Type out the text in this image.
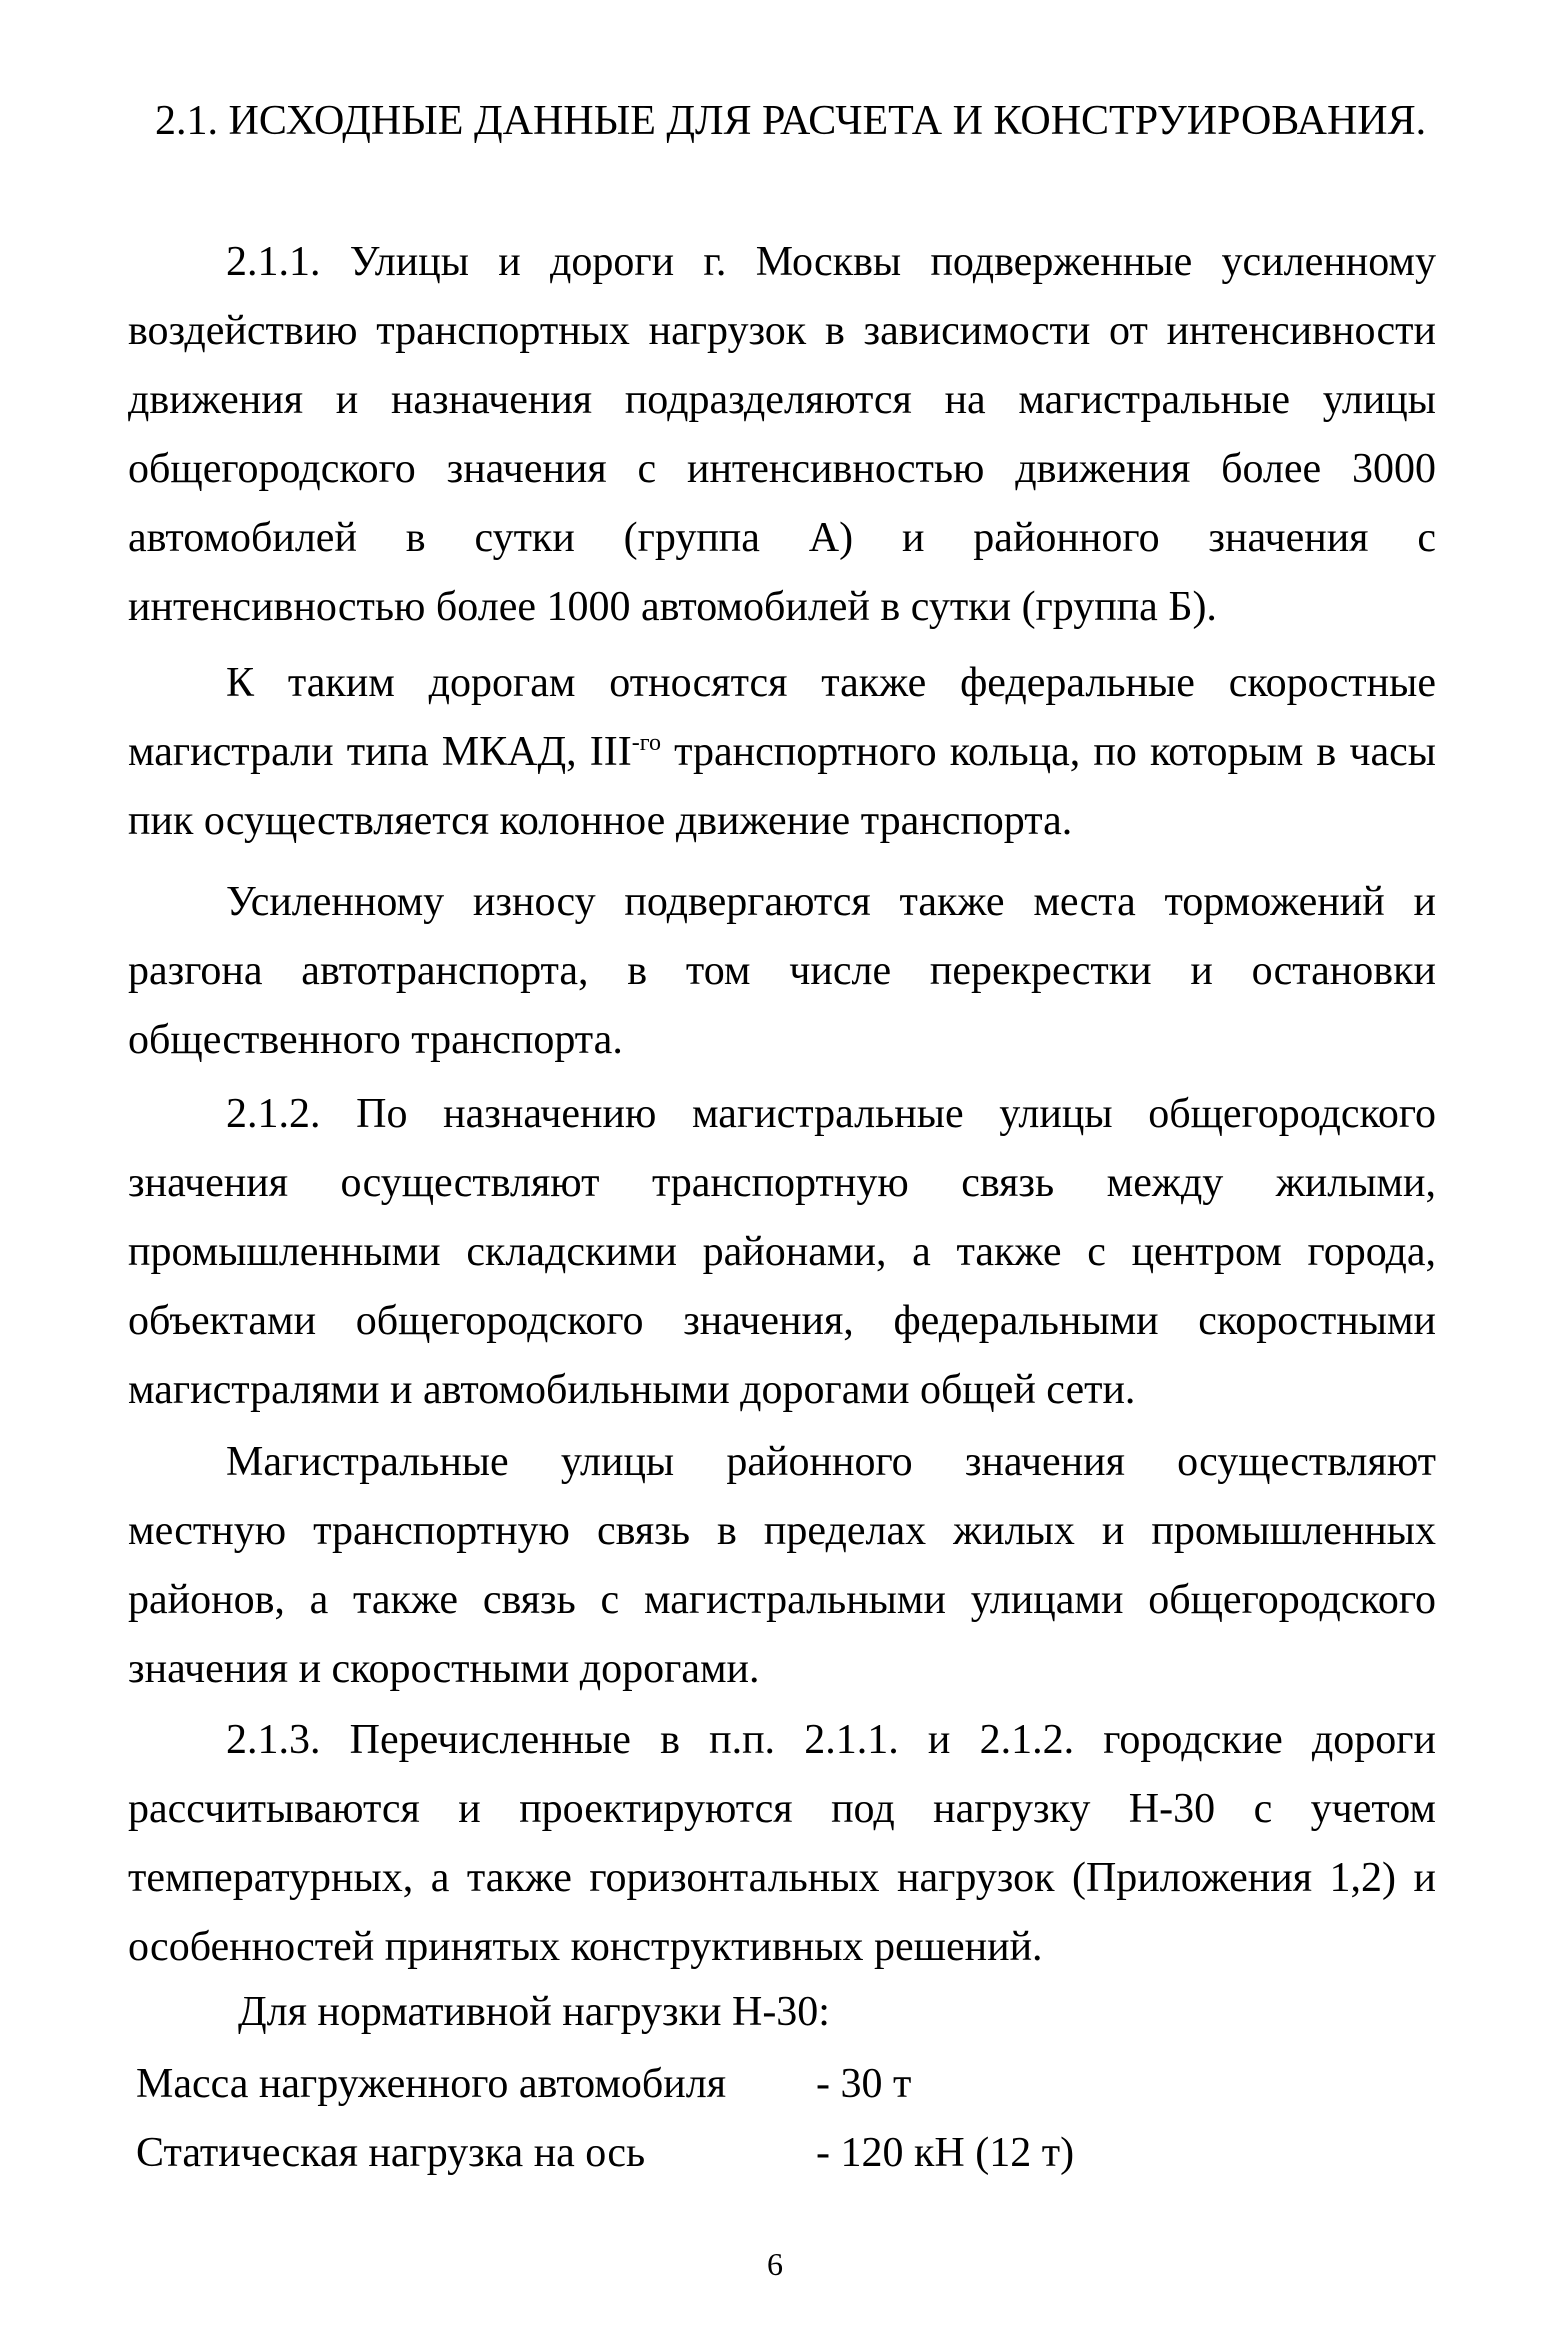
2.1. ИСХОДНЫЕ ДАННЫЕ ДЛЯ РАСЧЕТА И КОНСТРУИРОВАНИЯ.

2.1.1. Улицы и дороги г. Москвы подверженные усиленному воздействию транспортных нагрузок в зависимости от интенсивности движения и назначения подразделяются на магистральные улицы общегородского значения с интенсивностью движения более 3000 автомобилей в сутки (группа А) и районного значения с интенсивностью более 1000 автомобилей в сутки (группа Б).

К таким дорогам относятся также федеральные скоростные магистрали типа МКАД, $III^{-го}$ транспортного кольца, по которым в часы пик осуществляется колонное движение транспорта.

Усиленному износу подвергаются также места торможений и разгона автотранспорта, в том числе перекрестки и остановки общественного транспорта.

2.1.2. По назначению магистральные улицы общегородского значения осуществляют транспортную связь между жилыми, промышленными складскими районами, а также с центром города, объектами общегородского значения, федеральными скоростными магистралями и автомобильными дорогами общей сети.

Магистральные улицы районного значения осуществляют местную транспортную связь в пределах жилых и промышленных районов, а также связь с магистральными улицами общегородского значения и скоростными дорогами.

2.1.3. Перечисленные в п.п. 2.1.1. и 2.1.2. городские дороги рассчитываются и проектируются под нагрузку Н-30 с учетом температурных, а также горизонтальных нагрузок (Приложения 1,2) и особенностей принятых конструктивных решений.

Для нормативной нагрузки Н-30:
Масса нагруженного автомобиля - 30 т
Статическая нагрузка на ось	- 120 кН (12 т)
6
